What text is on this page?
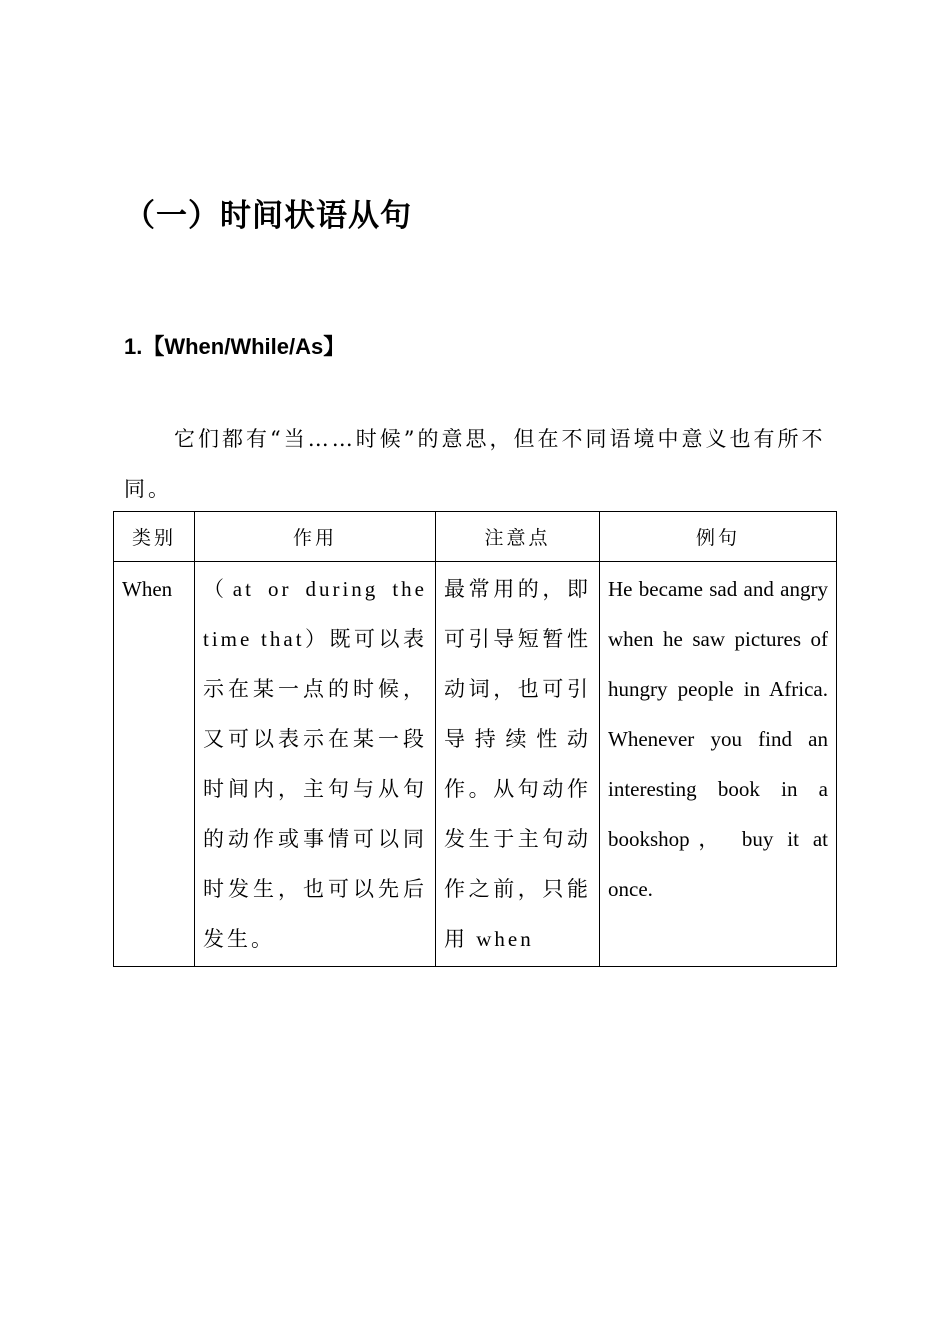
（一）时间状语从句
1.【When/While/As】

它们都有“当……时候”的意思，但在不同语境中意义也有所不同。

类别	作用	注意点	例句
When	（at or during the time that）既可以表示在某一点的时候，又可以表示在某一段时间内，主句与从句的动作或事情可以同时发生，也可以先后发生。	最常用的，即可引导短暂性动词，也可引导持续性动作。从句动作发生于主句动作之前，只能用 when	He became sad and angry when he saw pictures of hungry people in Africa. Whenever you find an interesting book in a bookshop， buy it at once.
